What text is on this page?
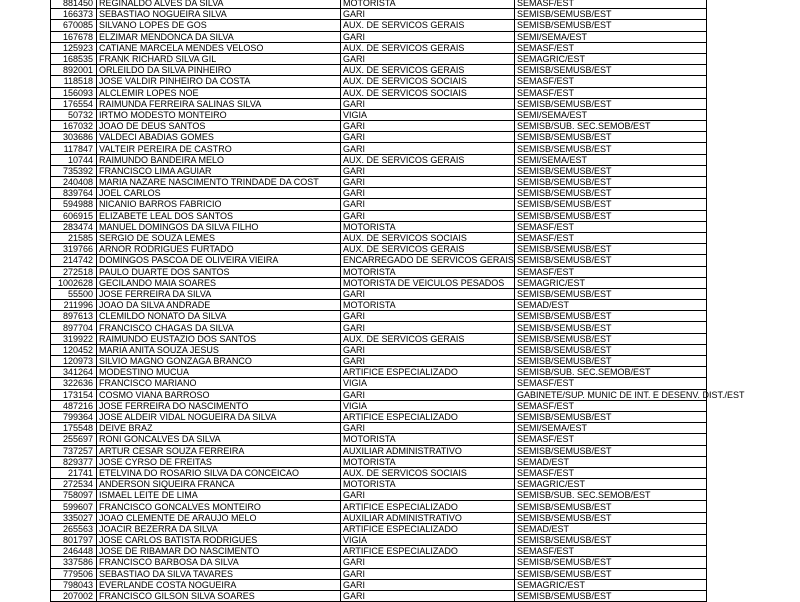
881450	REGINALDO ALVES DA SILVA	MOTORISTA	SEMASF/EST
166373	SEBASTIAO NOGUEIRA SILVA	GARI	SEMISB/SEMUSB/EST
670085	SILVANO LOPES DE GOS	AUX. DE SERVICOS GERAIS	SEMISB/SEMUSB/EST
167678	ELZIMAR MENDONCA DA SILVA	GARI	SEMI/SEMA/EST
125923	CATIANE MARCELA MENDES VELOSO	AUX. DE SERVICOS GERAIS	SEMASF/EST
168535	FRANK RICHARD SILVA GIL	GARI	SEMAGRIC/EST
892001	ORLEILDO DA SILVA PINHEIRO	AUX. DE SERVICOS GERAIS	SEMISB/SEMUSB/EST
118518	JOSE VALDIR PINHEIRO DA COSTA	AUX. DE SERVICOS SOCIAIS	SEMASF/EST
156093	ALCLEMIR LOPES NOE	AUX. DE SERVICOS SOCIAIS	SEMASF/EST
176554	RAIMUNDA FERREIRA SALINAS SILVA	GARI	SEMISB/SEMUSB/EST
50732	IRTMO MODESTO MONTEIRO	VIGIA	SEMI/SEMA/EST
167032	JOAO DE DEUS SANTOS	GARI	SEMISB/SUB. SEC.SEMOB/EST
303686	VALDECI ABADIAS GOMES	GARI	SEMISB/SEMUSB/EST
117847	VALTEIR PEREIRA DE CASTRO	GARI	SEMISB/SEMUSB/EST
10744	RAIMUNDO BANDEIRA MELO	AUX. DE SERVICOS GERAIS	SEMI/SEMA/EST
735392	FRANCISCO LIMA AGUIAR	GARI	SEMISB/SEMUSB/EST
240408	MARIA NAZARE NASCIMENTO TRINDADE DA COST	GARI	SEMISB/SEMUSB/EST
839764	JOEL CARLOS	GARI	SEMISB/SEMUSB/EST
594988	NICANIO BARROS FABRICIO	GARI	SEMISB/SEMUSB/EST
606915	ELIZABETE LEAL DOS SANTOS	GARI	SEMISB/SEMUSB/EST
283474	MANUEL DOMINGOS DA SILVA FILHO	MOTORISTA	SEMASF/EST
21585	SERGIO DE SOUZA LEMES	AUX. DE SERVICOS SOCIAIS	SEMASF/EST
319766	ARNOR RODRIGUES FURTADO	AUX. DE SERVICOS GERAIS	SEMISB/SEMUSB/EST
214742	DOMINGOS PASCOA DE OLIVEIRA VIEIRA	ENCARREGADO DE SERVICOS GERAIS	SEMISB/SEMUSB/EST
272518	PAULO DUARTE DOS SANTOS	MOTORISTA	SEMASF/EST
1002628	GECILANDO MAIA SOARES	MOTORISTA DE VEICULOS PESADOS	SEMAGRIC/EST
55500	JOSE FERREIRA DA SILVA	GARI	SEMISB/SEMUSB/EST
211996	JOAO DA SILVA ANDRADE	MOTORISTA	SEMAD/EST
897613	CLEMILDO NONATO DA SILVA	GARI	SEMISB/SEMUSB/EST
897704	FRANCISCO CHAGAS DA SILVA	GARI	SEMISB/SEMUSB/EST
319922	RAIMUNDO EUSTAZIO DOS SANTOS	AUX. DE SERVICOS GERAIS	SEMISB/SEMUSB/EST
120452	MARIA ANITA SOUZA JESUS	GARI	SEMISB/SEMUSB/EST
120973	SILVIO MAGNO GONZAGA BRANCO	GARI	SEMISB/SEMUSB/EST
341264	MODESTINO MUCUA	ARTIFICE ESPECIALIZADO	SEMISB/SUB. SEC.SEMOB/EST
322636	FRANCISCO MARIANO	VIGIA	SEMASF/EST
173154	COSMO VIANA BARROSO	GARI	GABINETE/SUP. MUNIC DE INT. E DESENV. DIST./EST
487216	JOSE FERREIRA DO NASCIMENTO	VIGIA	SEMASF/EST
799364	JOSE ALDEIR VIDAL NOGUEIRA DA SILVA	ARTIFICE ESPECIALIZADO	SEMISB/SEMUSB/EST
175548	DEIVE BRAZ	GARI	SEMI/SEMA/EST
255697	RONI GONCALVES DA SILVA	MOTORISTA	SEMASF/EST
737257	ARTUR CESAR SOUZA FERREIRA	AUXILIAR ADMINISTRATIVO	SEMISB/SEMUSB/EST
829377	JOSE CYRSO DE FREITAS	MOTORISTA	SEMAD/EST
21741	ETELVINA DO ROSARIO SILVA DA CONCEICAO	AUX. DE SERVICOS SOCIAIS	SEMASF/EST
272534	ANDERSON SIQUEIRA FRANCA	MOTORISTA	SEMAGRIC/EST
758097	ISMAEL LEITE DE LIMA	GARI	SEMISB/SUB. SEC.SEMOB/EST
599607	FRANCISCO GONCALVES MONTEIRO	ARTIFICE ESPECIALIZADO	SEMISB/SEMUSB/EST
335027	JOAO CLEMENTE DE ARAUJO MELO	AUXILIAR ADMINISTRATIVO	SEMISB/SEMUSB/EST
265563	JOACIR BEZERRA DA SILVA	ARTIFICE ESPECIALIZADO	SEMAD/EST
801797	JOSE CARLOS BATISTA RODRIGUES	VIGIA	SEMISB/SEMUSB/EST
246448	JOSE DE RIBAMAR DO NASCIMENTO	ARTIFICE ESPECIALIZADO	SEMASF/EST
337586	FRANCISCO BARBOSA DA SILVA	GARI	SEMISB/SEMUSB/EST
779506	SEBASTIAO DA SILVA TAVARES	GARI	SEMISB/SEMUSB/EST
798043	EVERLANDE COSTA NOGUEIRA	GARI	SEMAGRIC/EST
207002	FRANCISCO GILSON SILVA SOARES	GARI	SEMISB/SEMUSB/EST
